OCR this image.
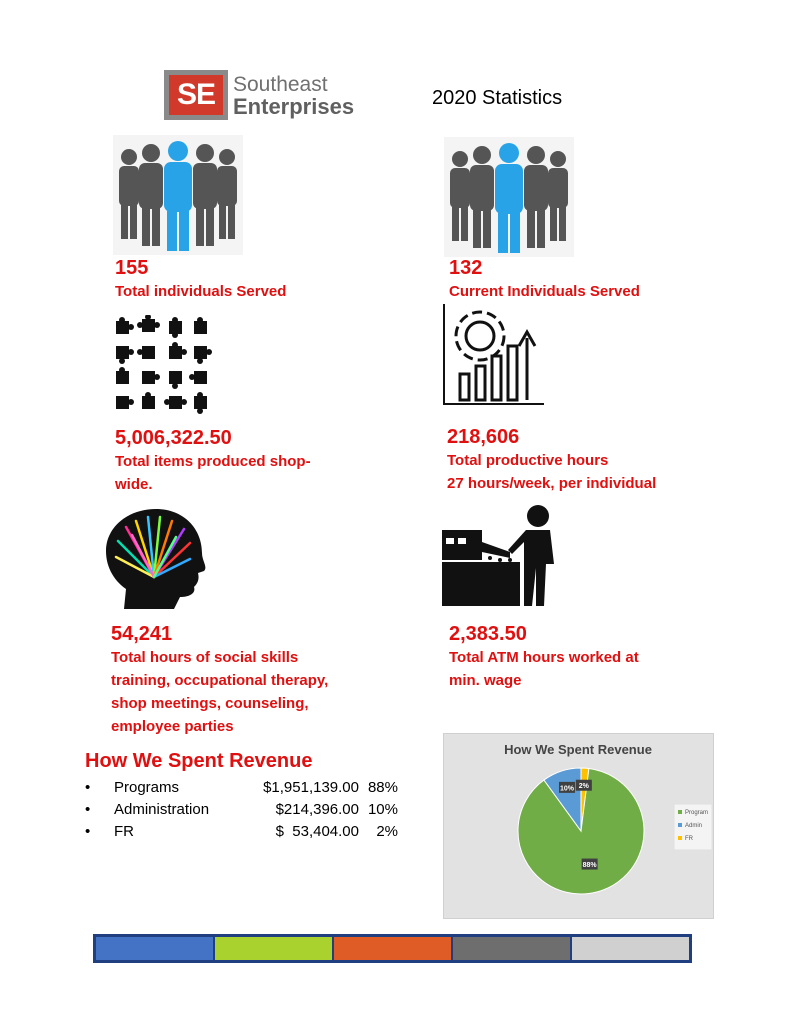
SE Southeast
Enterprises	2020 Statistics
155
Total individuals Served
132
Current Individuals Served
5,006,322.50
Total items produced shop-
wide.
218,606
Total productive hours
27 hours/week, per individual
54,241
Total hours of social skills
training, occupational therapy,
shop meetings, counseling,
employee parties
2,383.50
Total ATM hours worked at
min. wage
How We Spent Revenue
• Programs	$1,951,139.00 88%
• Administration	$214,396.00 10%
• FR	$  53,404.00 2%
How We Spent Revenue
2%
88%
10%
Program
Admin
FR
